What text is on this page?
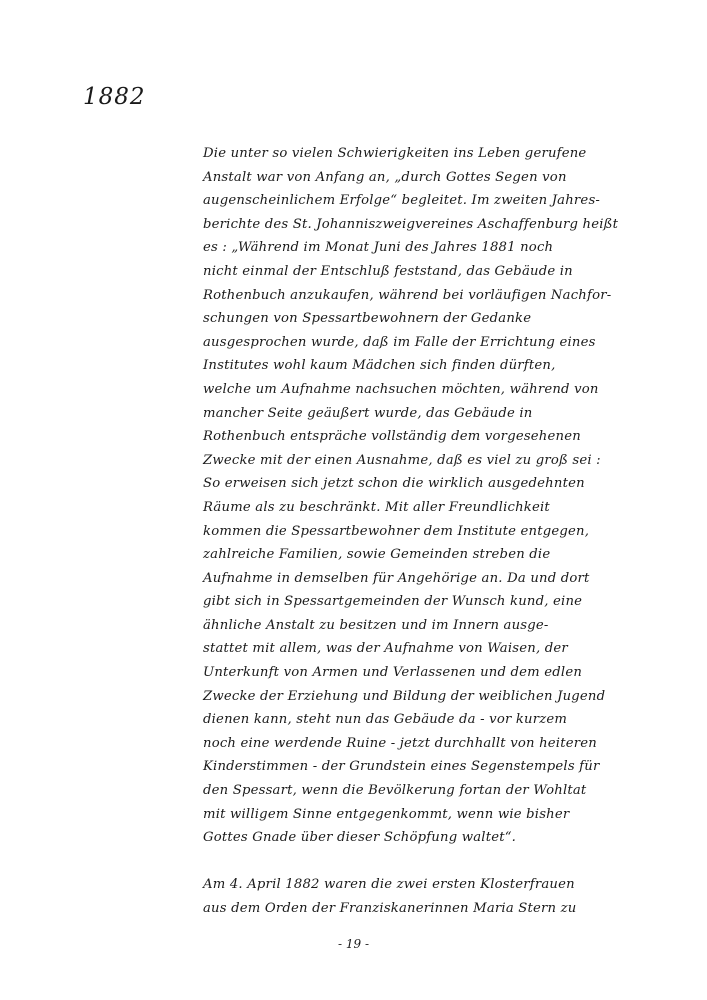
1882
Die unter so vielen Schwierigkeiten ins Leben gerufene
Anstalt war von Anfang an, „durch Gottes Segen von
augenscheinlichem Erfolge“ begleitet. Im zweiten Jahres-
berichte des St. Johanniszweigvereines Aschaffenburg heißt
es : „Während im Monat Juni des Jahres 1881 noch
nicht einmal der Entschluß feststand, das Gebäude in
Rothenbuch anzukaufen, während bei vorläufigen Nachfor-
schungen von Spessartbewohnern der Gedanke
ausgesprochen wurde, daß im Falle der Errichtung eines
Institutes wohl kaum Mädchen sich finden dürften,
welche um Aufnahme nachsuchen möchten, während von
mancher Seite geäußert wurde, das Gebäude in
Rothenbuch entspräche vollständig dem vorgesehenen
Zwecke mit der einen Ausnahme, daß es viel zu groß sei :
So erweisen sich jetzt schon die wirklich ausgedehnten
Räume als zu beschränkt. Mit aller Freundlichkeit
kommen die Spessartbewohner dem Institute entgegen,
zahlreiche Familien, sowie Gemeinden streben die
Aufnahme in demselben für Angehörige an. Da und dort
gibt sich in Spessartgemeinden der Wunsch kund, eine
ähnliche Anstalt zu besitzen und im Innern ausge-
stattet mit allem, was der Aufnahme von Waisen, der
Unterkunft von Armen und Verlassenen und dem edlen
Zwecke der Erziehung und Bildung der weiblichen Jugend
dienen kann, steht nun das Gebäude da - vor kurzem
noch eine werdende Ruine - jetzt durchhallt von heiteren
Kinderstimmen - der Grundstein eines Segenstempels für
den Spessart, wenn die Bevölkerung fortan der Wohltat
mit willigem Sinne entgegenkommt, wenn wie bisher
Gottes Gnade über dieser Schöpfung waltet“.
Am 4. April 1882 waren die zwei ersten Klosterfrauen
aus dem Orden der Franziskanerinnen Maria Stern zu
- 19 -
